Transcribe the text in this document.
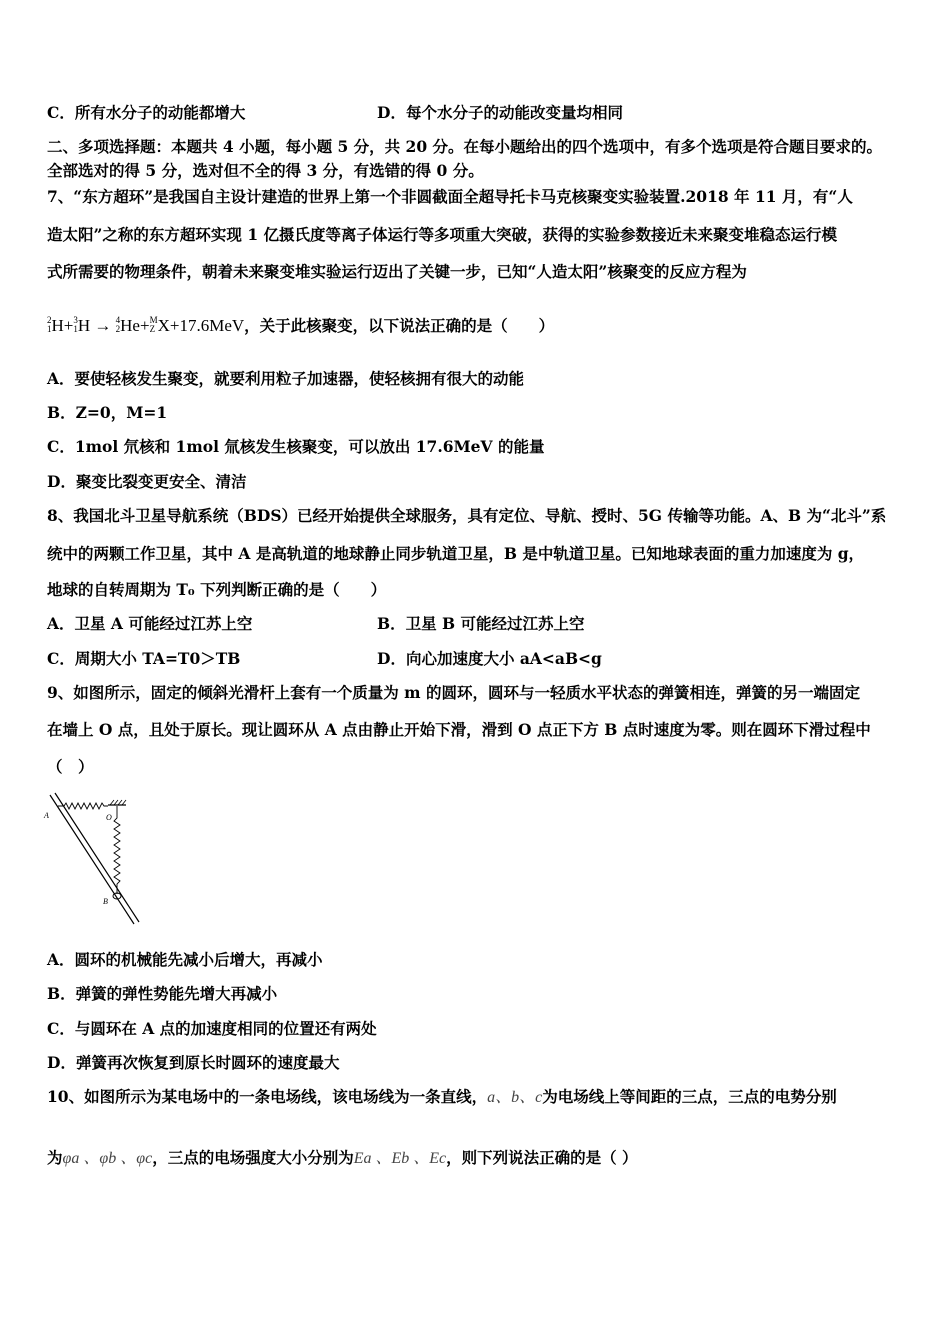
C．所有水分子的动能都增大	D．每个水分子的动能改变量均相同
二、多项选择题：本题共 4 小题，每小题 5 分，共 20 分。在每小题给出的四个选项中，有多个选项是符合题目要求的。
全部选对的得 5 分，选对但不全的得 3 分，有选错的得 0 分。
7、“东方超环”是我国自主设计建造的世界上第一个非圆截面全超导托卡马克核聚变实验装置.2018 年 11 月，有“人
造太阳”之称的东方超环实现 1 亿摄氏度等离子体运行等多项重大突破，获得的实验参数接近未来聚变堆稳态运行模
式所需要的物理条件，朝着未来聚变堆实验运行迈出了关键一步，已知“人造太阳”核聚变的反应方程为
2
1H+3
1H → 4
2He+M
Z X+17.6MeV，关于此核聚变，以下说法正确的是（　　）
A．要使轻核发生聚变，就要利用粒子加速器，使轻核拥有很大的动能
B．Z=0，M=1
C．1mol 氘核和 1mol 氚核发生核聚变，可以放出 17.6MeV 的能量
D．聚变比裂变更安全、清洁
8、我国北斗卫星导航系统（BDS）已经开始提供全球服务，具有定位、导航、授时、5G 传输等功能。A、B 为“北斗”系
统中的两颗工作卫星，其中 A 是高轨道的地球静止同步轨道卫星，B 是中轨道卫星。已知地球表面的重力加速度为 g，
地球的自转周期为 T₀ 下列判断正确的是（　　）
A．卫星 A 可能经过江苏上空	B．卫星 B 可能经过江苏上空
C．周期大小 TA=T0＞TB	D．向心加速度大小 aA<aB<g
9、如图所示，固定的倾斜光滑杆上套有一个质量为 m 的圆环，圆环与一轻质水平状态的弹簧相连，弹簧的另一端固定
在墙上 O 点，且处于原长。现让圆环从 A 点由静止开始下滑，滑到 O 点正下方 B 点时速度为零。则在圆环下滑过程中
（　）
A	O
B
A．圆环的机械能先减小后增大，再减小
B．弹簧的弹性势能先增大再减小
C．与圆环在 A 点的加速度相同的位置还有两处
D．弹簧再次恢复到原长时圆环的速度最大
10、如图所示为某电场中的一条电场线，该电场线为一条直线，a、b、c为电场线上等间距的三点，三点的电势分别
为φa 、φb 、φc，三点的电场强度大小分别为Ea 、Eb 、Ec，则下列说法正确的是（ ）
